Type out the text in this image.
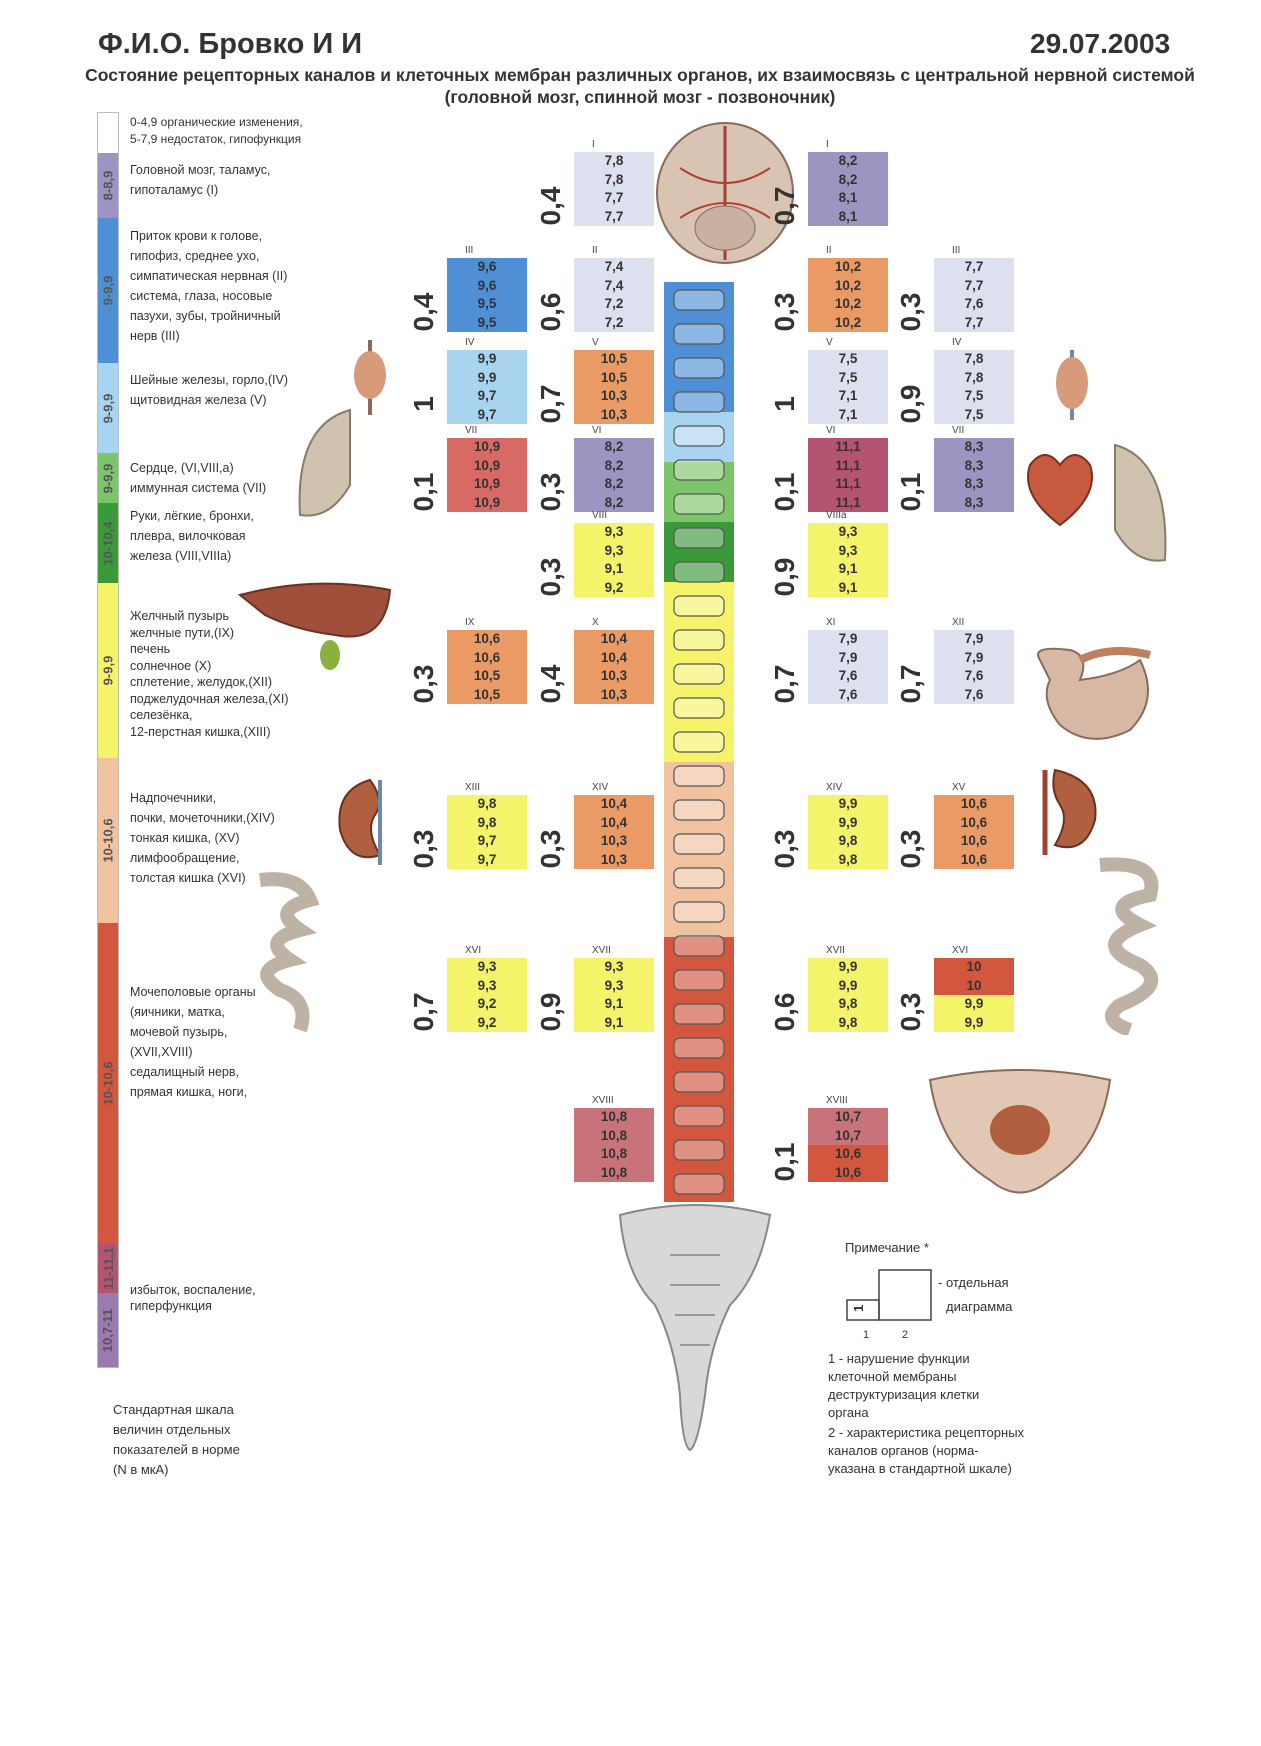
Ф.И.О. Бровко И И	29.07.2003
Состояние рецепторных каналов и клеточных мембран различных органов, их взаимосвязь с центральной нервной системой (головной мозг, спинной мозг - позвоночник)
8-8,9
9-9,9
9-9,9
9-9,9
10-10,4
9-9,9
10-10,6
10-10,6
11-11,1
10,7-11
0-4,9 органические изменения,
5-7,9 недостаток, гипофункция
Головной мозг, таламус,
гипоталамус (I)
Приток крови к голове,
гипофиз, среднее ухо,
симпатическая нервная (II)
система, глаза, носовые
пазухи, зубы, тройничный
нерв (III)
Шейные железы, горло,(IV)
щитовидная железа (V)
Сердце, (VI,VIII,a)
иммунная система (VII)
Руки, лёгкие, бронхи,
плевра, вилочковая
железа (VIII,VIIIa)
Желчный пузырь
желчные пути,(IX)
печень
солнечное (X)
сплетение, желудок,(XII)
поджелудочная железа,(XI)
селезёнка,
12-перстная кишка,(XIII)
Надпочечники,
почки, мочеточники,(XIV)
тонкая кишка, (XV)
лимфообращение,
толстая кишка (XVI)
Мочеполовые органы
(яичники, матка,
мочевой пузырь,
(XVII,XVIII)
седалищный нерв,
прямая кишка, ноги,
избыток, воспаление,
гиперфункция
I
7,8
7,8
7,7
7,7
0,4
I
8,2
8,2
8,1
8,1
0,7
III
9,6
9,6
9,5
9,5
0,4
II
7,4
7,4
7,2
7,2
0,6
II
10,2
10,2
10,2
10,2
0,3
III
7,7
7,7
7,6
7,7
0,3
IV
9,9
9,9
9,7
9,7
1
V
10,5
10,5
10,3
10,3
0,7
V
7,5
7,5
7,1
7,1
1
IV
7,8
7,8
7,5
7,5
0,9
VII
10,9
10,9
10,9
10,9
0,1
VI
8,2
8,2
8,2
8,2
0,3
VI
11,1
11,1
11,1
11,1
0,1
VII
8,3
8,3
8,3
8,3
0,1
VIII
9,3
9,3
9,1
9,2
0,3
VIIIa
9,3
9,3
9,1
9,1
0,9
IX
10,6
10,6
10,5
10,5
0,3
X
10,4
10,4
10,3
10,3
0,4
XI
7,9
7,9
7,6
7,6
0,7
XII
7,9
7,9
7,6
7,6
0,7
XIII
9,8
9,8
9,7
9,7
0,3
XIV
10,4
10,4
10,3
10,3
0,3
XIV
9,9
9,9
9,8
9,8
0,3
XV
10,6
10,6
10,6
10,6
0,3
XVI
9,3
9,3
9,2
9,2
0,7
XVII
9,3
9,3
9,1
9,1
0,9
XVII
9,9
9,9
9,8
9,8
0,6
XVI
10
10
9,9
9,9
0,3
XVIII
10,8
10,8
10,8
10,8
XVIII
10,7
10,7
10,6
10,6
0,1
Примечание *
1
- отдельная
диаграмма
1	2
1 - нарушение функции
клеточной мембраны
деструктуризация клетки
органа
2 - характеристика рецепторных
каналов органов (норма-
указана в стандартной шкале)
Стандартная шкала
величин отдельных
показателей в норме
(N в мкА)
